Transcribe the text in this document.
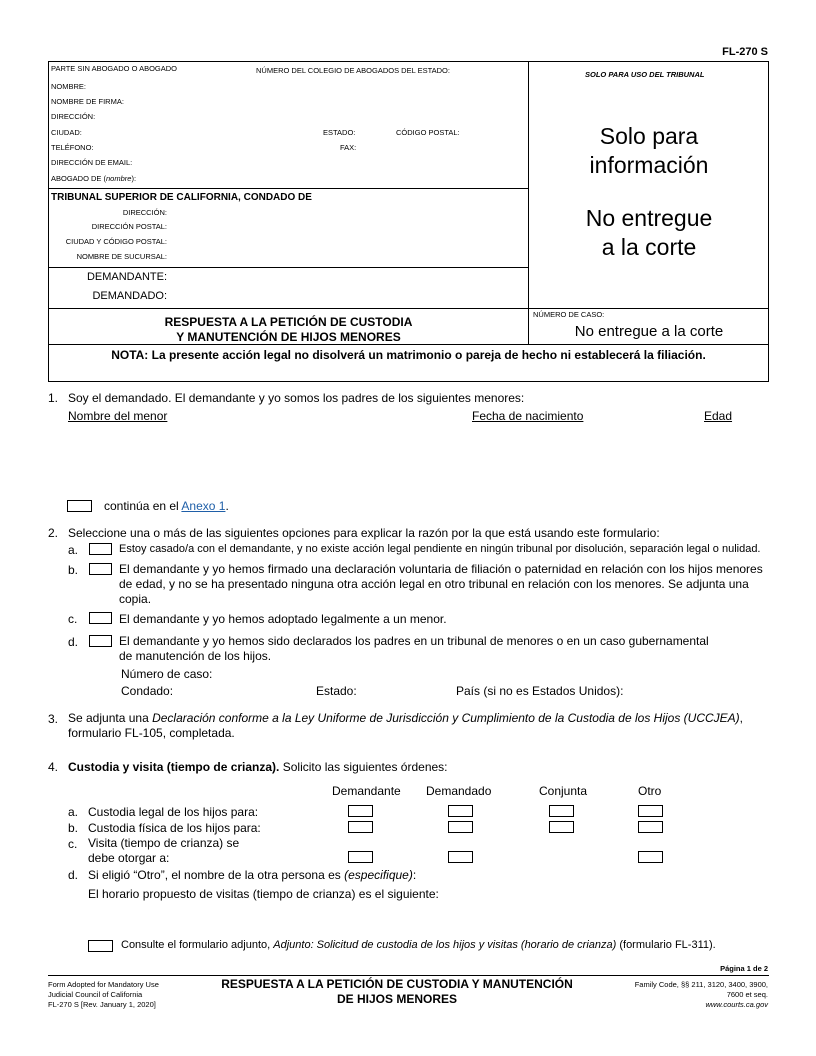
FL-270 S
PARTE SIN ABOGADO O ABOGADO	NÚMERO DEL COLEGIO DE ABOGADOS DEL ESTADO:
NOMBRE:
NOMBRE DE FIRMA:
DIRECCIÓN:
CIUDAD:	ESTADO:	CÓDIGO POSTAL:
TELÉFONO:	FAX:
DIRECCIÓN DE EMAIL:
ABOGADO DE (nombre):
SOLO PARA USO DEL TRIBUNAL
Solo para
información
No entregue
a la corte
TRIBUNAL SUPERIOR DE CALIFORNIA, CONDADO DE
DIRECCIÓN:
DIRECCIÓN POSTAL:
CIUDAD Y CÓDIGO POSTAL:
NOMBRE DE SUCURSAL:
DEMANDANTE:
DEMANDADO:
RESPUESTA A LA PETICIÓN DE CUSTODIA
Y MANUTENCIÓN DE HIJOS MENORES
NÚMERO DE CASO:
No entregue a la corte
NOTA: La presente acción legal no disolverá un matrimonio o pareja de hecho ni establecerá la filiación.
1. Soy el demandado. El demandante y yo somos los padres de los siguientes menores:
Nombre del menor	Fecha de nacimiento	Edad
continúa en el Anexo 1.
2. Seleccione una o más de las siguientes opciones para explicar la razón por la que está usando este formulario:
a.	Estoy casado/a con el demandante, y no existe acción legal pendiente en ningún tribunal por disolución, separación legal o nulidad.
b.	El demandante y yo hemos firmado una declaración voluntaria de filiación o paternidad en relación con los hijos menores
de edad, y no se ha presentado ninguna otra acción legal en otro tribunal en relación con los menores. Se adjunta una
copia.
c.	El demandante y yo hemos adoptado legalmente a un menor.
d.	El demandante y yo hemos sido declarados los padres en un tribunal de menores o en un caso gubernamental
de manutención de los hijos.
Número de caso:
Condado:	Estado:	País (si no es Estados Unidos):
3. Se adjunta una Declaración conforme a la Ley Uniforme de Jurisdicción y Cumplimiento de la Custodia de los Hijos (UCCJEA),
formulario FL-105, completada.
4. Custodia y visita (tiempo de crianza). Solicito las siguientes órdenes:
Demandante Demandado	Conjunta	Otro
a. Custodia legal de los hijos para:
b. Custodia física de los hijos para:
c. Visita (tiempo de crianza) se
debe otorgar a:
d. Si eligió “Otro”, el nombre de la otra persona es (especifique):
El horario propuesto de visitas (tiempo de crianza) es el siguiente:
Consulte el formulario adjunto, Adjunto: Solicitud de custodia de los hijos y visitas (horario de crianza) (formulario FL-311).
Página 1 de 2
Form Adopted for Mandatory Use
Judicial Council of California
FL-270 S [Rev. January 1, 2020]
RESPUESTA A LA PETICIÓN DE CUSTODIA Y MANUTENCIÓN
DE HIJOS MENORES
Family Code, §§ 211, 3120, 3400, 3900,
7600 et seq.
www.courts.ca.gov
